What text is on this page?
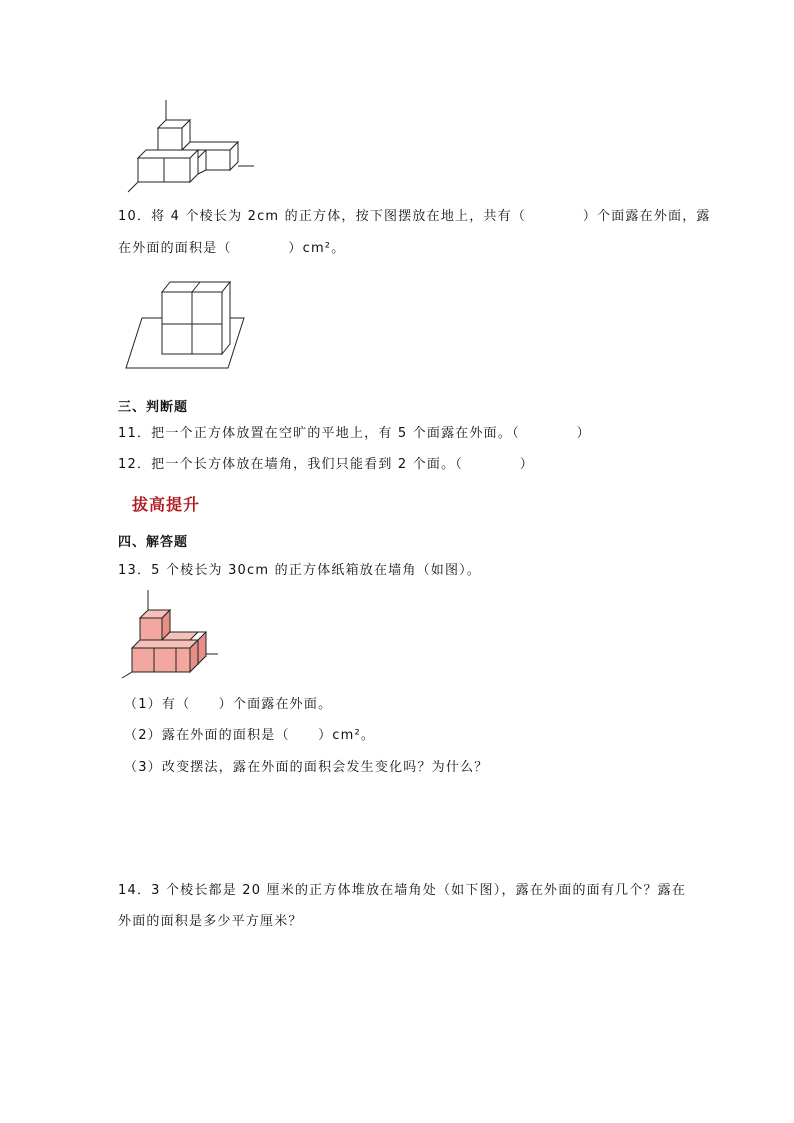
10．将 4 个棱长为 2cm 的正方体，按下图摆放在地上，共有（　　　　）个面露在外面，露
在外面的面积是（　　　　）cm²。
三、判断题
11．把一个正方体放置在空旷的平地上，有 5 个面露在外面。（　　　　）
12．把一个长方体放在墙角，我们只能看到 2 个面。（　　　　）
拔高提升
四、解答题
13．5 个棱长为 30cm 的正方体纸箱放在墙角（如图）。
（1）有（　　）个面露在外面。
（2）露在外面的面积是（　　）cm²。
（3）改变摆法，露在外面的面积会发生变化吗？为什么？
14．3 个棱长都是 20 厘米的正方体堆放在墙角处（如下图），露在外面的面有几个？露在
外面的面积是多少平方厘米？
